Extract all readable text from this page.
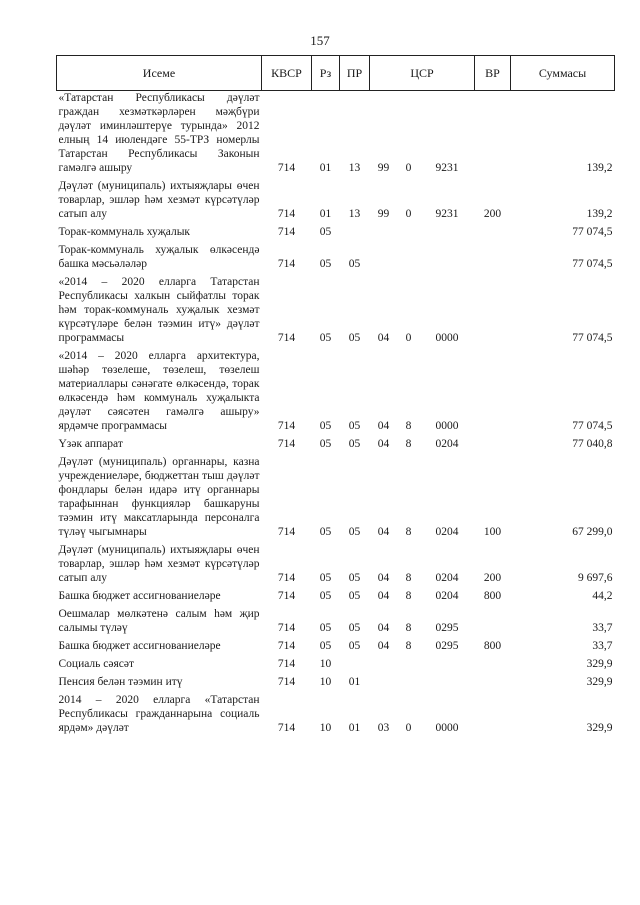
157
Исеме	КВСР	Рз	ПР	ЦСР			ВР	Суммасы
«Татарстан Республикасы дәүләт граждан хезмәткәрләрен мәҗбүри дәүләт иминләштерүе турында» 2012 елның 14 июлендәге 55-ТРЗ номерлы Татарстан Республикасы Законын гамәлгә ашыру	714	01	13	99	0	9231		139,2
Дәүләт (муниципаль) ихтыяҗлары өчен товарлар, эшләр һәм хезмәт күрсәтүләр сатып алу	714	01	13	99	0	9231	200	139,2
Торак-коммуналь хуҗалык	714	05						77 074,5
Торак-коммуналь хуҗалык өлкәсендә башка мәсьәләләр	714	05	05					77 074,5
«2014 – 2020 елларга Татарстан Республикасы халкын сыйфатлы торак һәм торак-коммуналь хуҗалык хезмәт күрсәтүләре белән тәэмин итү» дәүләт программасы	714	05	05	04	0	0000		77 074,5
«2014 – 2020 елларга архитектура, шәһәр төзелеше, төзелеш, төзелеш материаллары сәнәгате өлкәсендә, торак өлкәсендә һәм коммуналь хуҗалыкта дәүләт сәясәтен гамәлгә ашыру» ярдәмче программасы	714	05	05	04	8	0000		77 074,5
Үзәк аппарат	714	05	05	04	8	0204		77 040,8
Дәүләт (муниципаль) органнары, казна учреждениеләре, бюджеттан тыш дәүләт фондлары белән идарә итү органнары тарафыннан функцияләр башкаруны тәэмин итү максатларында персоналга түләү чыгымнары	714	05	05	04	8	0204	100	67 299,0
Дәүләт (муниципаль) ихтыяҗлары өчен товарлар, эшләр һәм хезмәт күрсәтүләр сатып алу	714	05	05	04	8	0204	200	9 697,6
Башка бюджет ассигнованиеләре	714	05	05	04	8	0204	800	44,2
Оешмалар мөлкәтенә салым һәм җир салымы түләү	714	05	05	04	8	0295		33,7
Башка бюджет ассигнованиеләре	714	05	05	04	8	0295	800	33,7
Социаль сәясәт	714	10						329,9
Пенсия белән тәэмин итү	714	10	01					329,9
2014 – 2020 елларга «Татарстан Республикасы гражданнарына социаль ярдәм» дәүләт	714	10	01	03	0	0000		329,9
